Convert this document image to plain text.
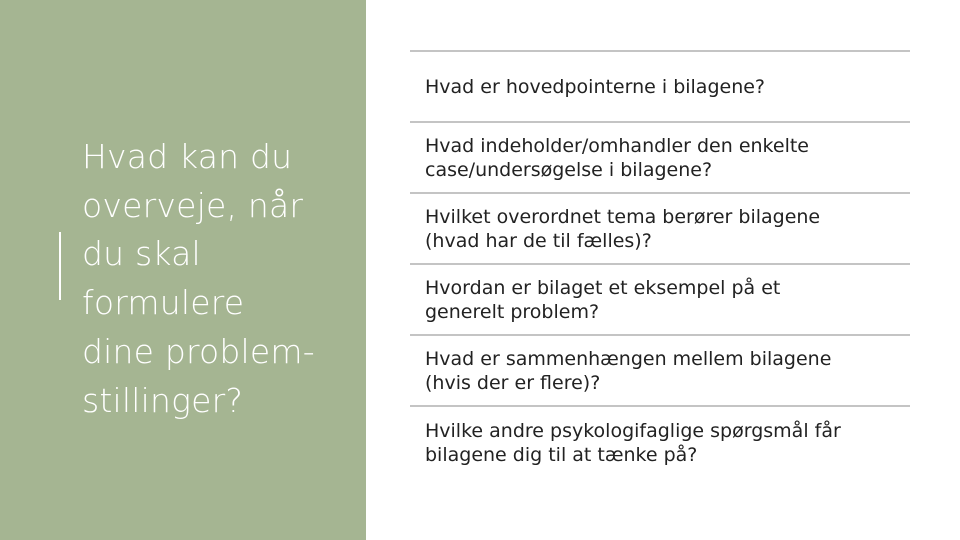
Hvad kan du
overveje, når
du skal
formulere
dine problem-
stillinger?
Hvad er hovedpointerne i bilagene?
Hvad indeholder/omhandler den enkelte
case/undersøgelse i bilagene?
Hvilket overordnet tema berører bilagene
(hvad har de til fælles)?
Hvordan er bilaget et eksempel på et
generelt problem?
Hvad er sammenhængen mellem bilagene
(hvis der er flere)?
Hvilke andre psykologifaglige spørgsmål får
bilagene dig til at tænke på?
